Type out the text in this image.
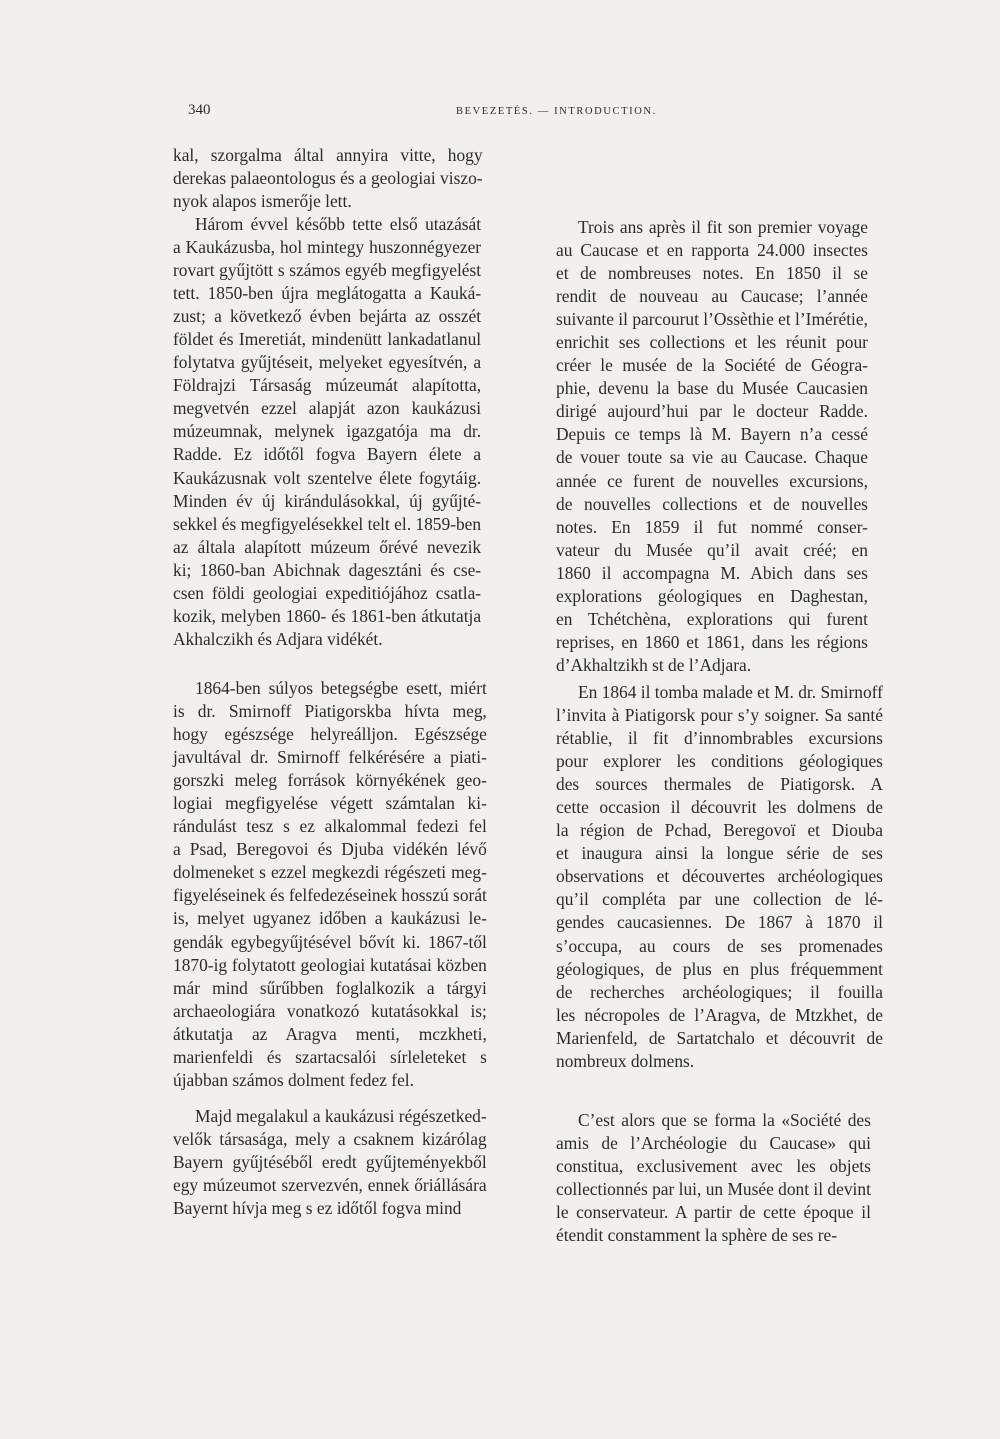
340	BEVEZETÉS. — INTRODUCTION.

kal, szorgalma által annyira vitte, hogy
derekas palaeontologus és a geologiai viszo-
nyok alapos ismerője lett.

Három évvel később tette első utazását
a Kaukázusba, hol mintegy huszonnégyezer
rovart gyűjtött s számos egyéb megfigyelést
tett. 1850-ben újra meglátogatta a Kauká-
zust; a következő évben bejárta az osszét
földet és Imeretiát, mindenütt lankadatlanul
folytatva gyűjtéseit, melyeket egyesítvén, a
Földrajzi Társaság múzeumát alapította,
megvetvén ezzel alapját azon kaukázusi
múzeumnak, melynek igazgatója ma dr.
Radde. Ez időtől fogva Bayern élete a
Kaukázusnak volt szentelve élete fogytáig.
Minden év új kirándulásokkal, új gyűjté-
sekkel és megfigyelésekkel telt el. 1859-ben
az általa alapított múzeum őrévé nevezik
ki; 1860-ban Abichnak dagesztáni és cse-
csen földi geologiai expeditiójához csatla-
kozik, melyben 1860- és 1861-ben átkutatja
Akhalczikh és Adjara vidékét.

1864-ben súlyos betegségbe esett, miért
is dr. Smirnoff Piatigorskba hívta meg,
hogy egészsége helyreálljon. Egészsége
javultával dr. Smirnoff felkérésére a piati-
gorszki meleg források környékének geo-
logiai megfigyelése végett számtalan ki-
rándulást tesz s ez alkalommal fedezi fel
a Psad, Beregovoi és Djuba vidékén lévő
dolmeneket s ezzel megkezdi régészeti meg-
figyeléseinek és felfedezéseinek hosszú sorát
is, melyet ugyanez időben a kaukázusi le-
gendák egybegyűjtésével bővít ki. 1867-től
1870-ig folytatott geologiai kutatásai közben
már mind sűrűbben foglalkozik a tárgyi
archaeologiára vonatkozó kutatásokkal is;
átkutatja az Aragva menti, mczkheti,
marienfeldi és szartacsalói sírleleteket s
újabban számos dolment fedez fel.

Majd megalakul a kaukázusi régészetked-
velők társasága, mely a csaknem kizárólag
Bayern gyűjtéséből eredt gyűjteményekből
egy múzeumot szervezvén, ennek őriállására
Bayernt hívja meg s ez időtől fogva mind

Trois ans après il fit son premier voyage
au Caucase et en rapporta 24.000 insectes
et de nombreuses notes. En 1850 il se
rendit de nouveau au Caucase; l’année
suivante il parcourut l’Ossèthie et l’Imérétie,
enrichit ses collections et les réunit pour
créer le musée de la Société de Géogra-
phie, devenu la base du Musée Caucasien
dirigé aujourd’hui par le docteur Radde.
Depuis ce temps là M. Bayern n’a cessé
de vouer toute sa vie au Caucase. Chaque
année ce furent de nouvelles excursions,
de nouvelles collections et de nouvelles
notes. En 1859 il fut nommé conser-
vateur du Musée qu’il avait créé; en
1860 il accompagna M. Abich dans ses
explorations géologiques en Daghestan,
en Tchétchèna, explorations qui furent
reprises, en 1860 et 1861, dans les régions
d’Akhaltzikh st de l’Adjara.

En 1864 il tomba malade et M. dr. Smirnoff
l’invita à Piatigorsk pour s’y soigner. Sa santé
rétablie, il fit d’innombrables excursions
pour explorer les conditions géologiques
des sources thermales de Piatigorsk. A
cette occasion il découvrit les dolmens de
la région de Pchad, Beregovoï et Diouba
et inaugura ainsi la longue série de ses
observations et découvertes archéologiques
qu’il compléta par une collection de lé-
gendes caucasiennes. De 1867 à 1870 il
s’occupa, au cours de ses promenades
géologiques, de plus en plus fréquemment
de recherches archéologiques; il fouilla
les nécropoles de l’Aragva, de Mtzkhet, de
Marienfeld, de Sartatchalo et découvrit de
nombreux dolmens.

C’est alors que se forma la «Société des
amis de l’Archéologie du Caucase» qui
constitua, exclusivement avec les objets
collectionnés par lui, un Musée dont il devint
le conservateur. A partir de cette époque il
étendit constamment la sphère de ses re-
